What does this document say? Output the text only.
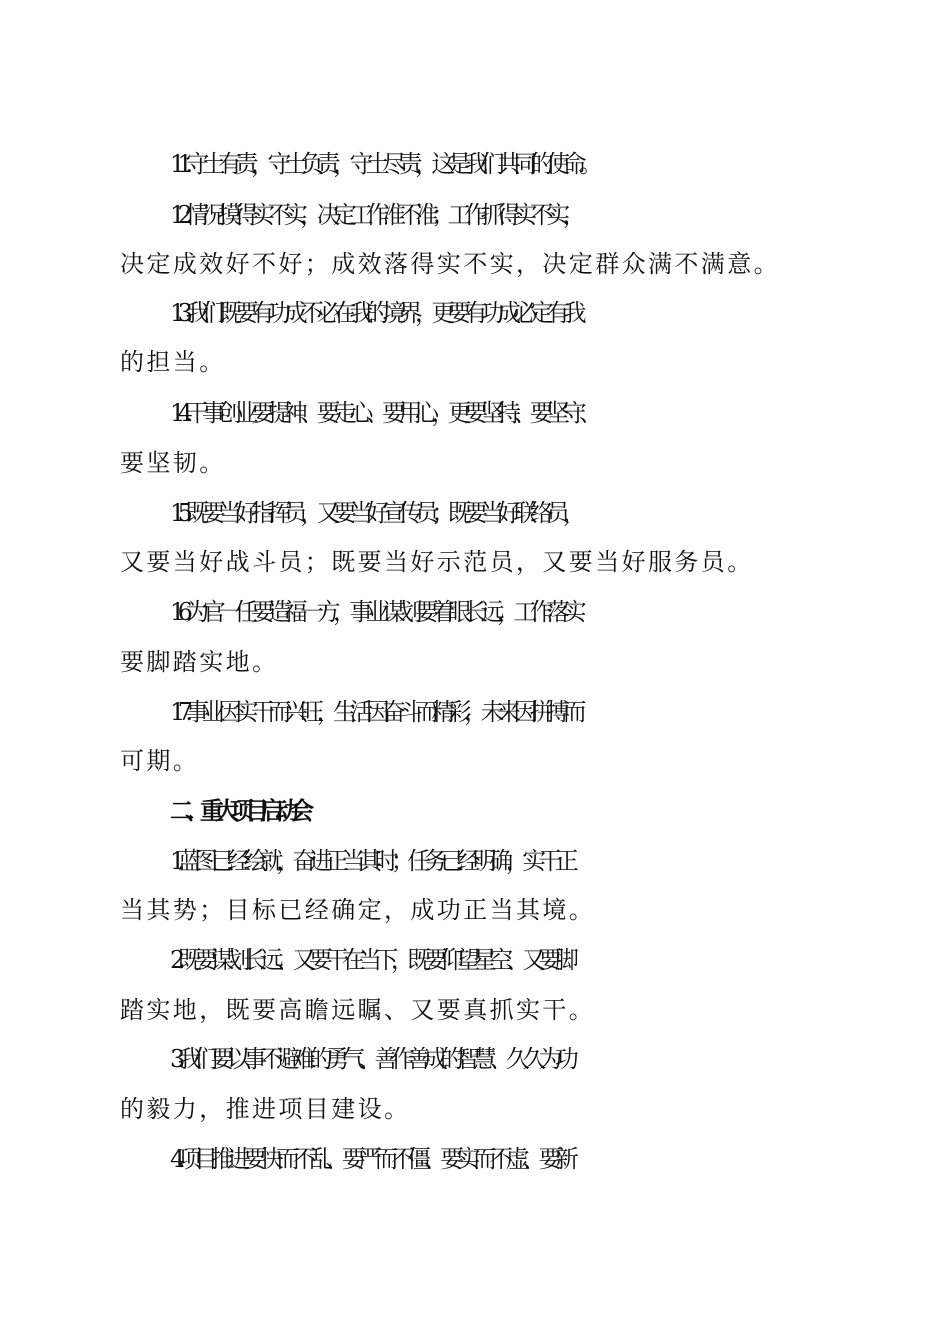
11.守土有责，守土负责，守土尽责，这是我们共同的使命。
12.情况摸得实不实，决定工作准不准；工作抓得实不实，
决定成效好不好；成效落得实不实，决定群众满不满意。
13.我们既要有功成不必在我的境界，更要有功成必定有我
的担当。
14.干事创业要提神、要走心、要用心，更要坚持、要坚守、
要坚韧。
15.既要当好指挥员，又要当好宣传员；既要当好联络员，
又要当好战斗员；既要当好示范员，又要当好服务员。
16.为官一任要造福一方，事业谋划要着眼长远，工作落实
要脚踏实地。
17.事业因实干而兴旺，生活因奋斗而精彩，未来因拼搏而
可期。
二、重大项目启动会
1.蓝图已经绘就，奋进正当其时；任务已经明确，实干正
当其势；目标已经确定，成功正当其境。
2.既要谋划长远、又要干在当下，既要仰望星空、又要脚
踏实地，既要高瞻远瞩、又要真抓实干。
3.我们要以事不避难的勇气、善作善成的智慧、久久为功
的毅力，推进项目建设。
4.项目推进要快而不乱、要严而不僵、要实而不虚、要新
